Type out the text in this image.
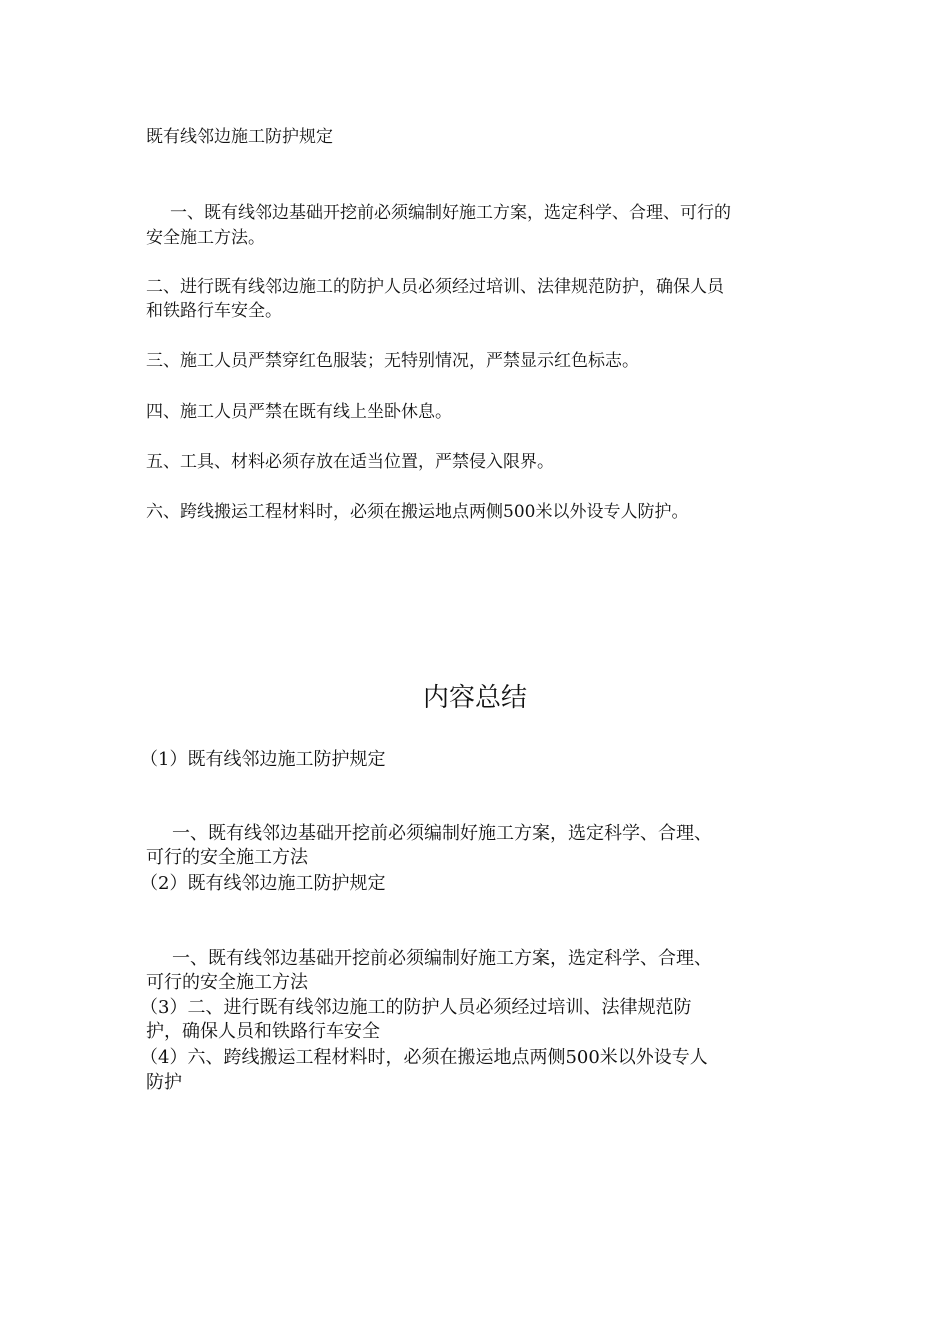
既有线邻边施工防护规定
一、既有线邻边基础开挖前必须编制好施工方案，选定科学、合理、可行的
安全施工方法。
二、进行既有线邻边施工的防护人员必须经过培训、法律规范防护，确保人员
和铁路行车安全。
三、施工人员严禁穿红色服装；无特别情况，严禁显示红色标志。
四、施工人员严禁在既有线上坐卧休息。
五、工具、材料必须存放在适当位置，严禁侵入限界。
六、跨线搬运工程材料时，必须在搬运地点两侧500米以外设专人防护。
内容总结
（1）既有线邻边施工防护规定
一、既有线邻边基础开挖前必须编制好施工方案，选定科学、合理、
可行的安全施工方法
（2）既有线邻边施工防护规定
一、既有线邻边基础开挖前必须编制好施工方案，选定科学、合理、
可行的安全施工方法
（3）二、进行既有线邻边施工的防护人员必须经过培训、法律规范防
护，确保人员和铁路行车安全
（4）六、跨线搬运工程材料时，必须在搬运地点两侧500米以外设专人
防护
